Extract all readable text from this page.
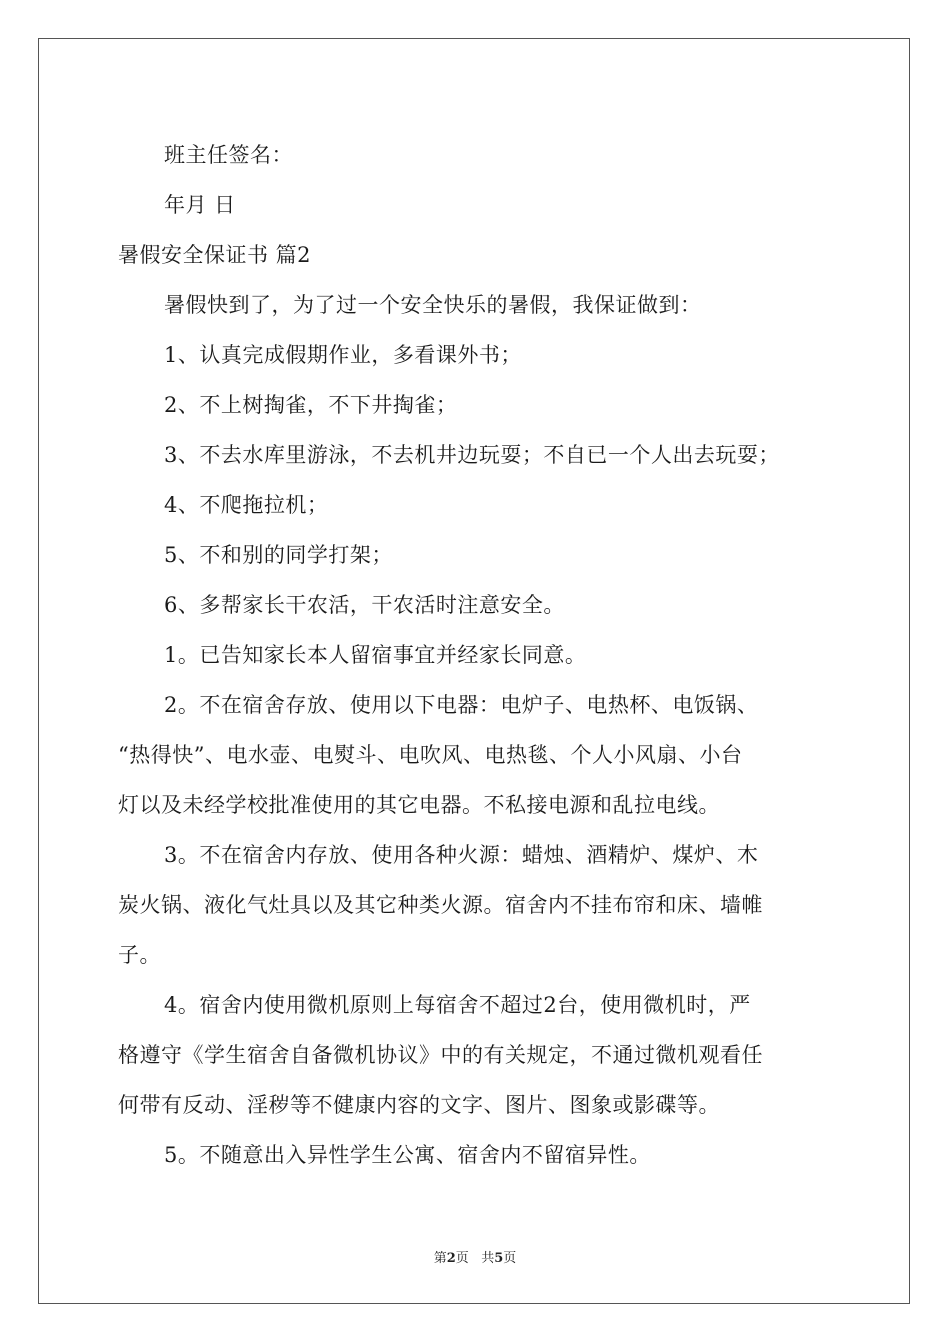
班主任签名：
年月 日
暑假安全保证书 篇2
暑假快到了，为了过一个安全快乐的暑假，我保证做到：
1、认真完成假期作业，多看课外书；
2、不上树掏雀，不下井掏雀；
3、不去水库里游泳，不去机井边玩耍；不自已一个人出去玩耍；
4、不爬拖拉机；
5、不和别的同学打架；
6、多帮家长干农活，干农活时注意安全。
1。已告知家长本人留宿事宜并经家长同意。
2。不在宿舍存放、使用以下电器：电炉子、电热杯、电饭锅、
“热得快”、电水壶、电熨斗、电吹风、电热毯、个人小风扇、小台
灯以及未经学校批准使用的其它电器。不私接电源和乱拉电线。
3。不在宿舍内存放、使用各种火源：蜡烛、酒精炉、煤炉、木
炭火锅、液化气灶具以及其它种类火源。宿舍内不挂布帘和床、墙帷
子。
4。宿舍内使用微机原则上每宿舍不超过2台，使用微机时，严
格遵守《学生宿舍自备微机协议》中的有关规定，不通过微机观看任
何带有反动、淫秽等不健康内容的文字、图片、图象或影碟等。
5。不随意出入异性学生公寓、宿舍内不留宿异性。
第2页 共5页
